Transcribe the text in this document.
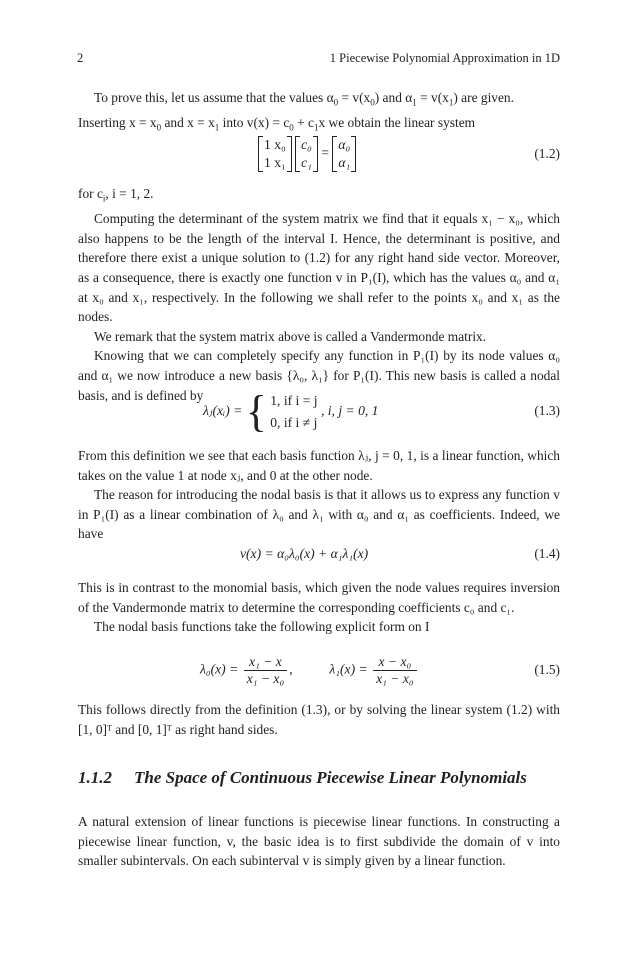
2	1 Piecewise Polynomial Approximation in 1D

To prove this, let us assume that the values $\alpha_0 = v(x_0)$ and $\alpha_1 = v(x_1)$ are given.

Inserting $x = x_0$ and $x = x_1$ into $v(x) = c_0 + c_1x$ we obtain the linear system

1 x₀
1 x₁ c₀
c₁ = α₀
α₁
(1.2)

for $c_i$, i = 1, 2.

Computing the determinant of the system matrix we find that it equals x₁ − x₀, which also happens to be the length of the interval I. Hence, the determinant is positive, and therefore there exist a unique solution to (1.2) for any right hand side vector. Moreover, as a consequence, there is exactly one function v in P₁(I), which has the values α₀ and α₁ at x₀ and x₁, respectively. In the following we shall refer to the points x₀ and x₁ as the nodes.

We remark that the system matrix above is called a Vandermonde matrix.

Knowing that we can completely specify any function in P₁(I) by its node values α₀ and α₁ we now introduce a new basis {λ₀, λ₁} for P₁(I). This new basis is called a nodal basis, and is defined by

λⱼ(xᵢ) = { 1, if i = j
0, if i ≠ j , i, j = 0, 1	(1.3)

From this definition we see that each basis function λⱼ, j = 0, 1, is a linear function, which takes on the value 1 at node xⱼ, and 0 at the other node.

The reason for introducing the nodal basis is that it allows us to express any function v in P₁(I) as a linear combination of λ₀ and λ₁ with α₀ and α₁ as coefficients. Indeed, we have

v(x) = α₀λ₀(x) + α₁λ₁(x)	(1.4)

This is in contrast to the monomial basis, which given the node values requires inversion of the Vandermonde matrix to determine the corresponding coefficients c₀ and c₁.

The nodal basis functions take the following explicit form on I

$\lambda_0(x) = \frac{\text{x₁ − x}}{\text{x₁ − x₀}}$ ,	$\lambda_1(x) = \frac{\text{x − x₀}}{\text{x₁ − x₀}}$	(1.5)

This follows directly from the definition (1.3), or by solving the linear system (1.2) with [1, 0]ᵀ and [0, 1]ᵀ as right hand sides.

1.1.2 The Space of Continuous Piecewise Linear Polynomials

A natural extension of linear functions is piecewise linear functions. In constructing a piecewise linear function, v, the basic idea is to first subdivide the domain of v into smaller subintervals. On each subinterval v is simply given by a linear function.
